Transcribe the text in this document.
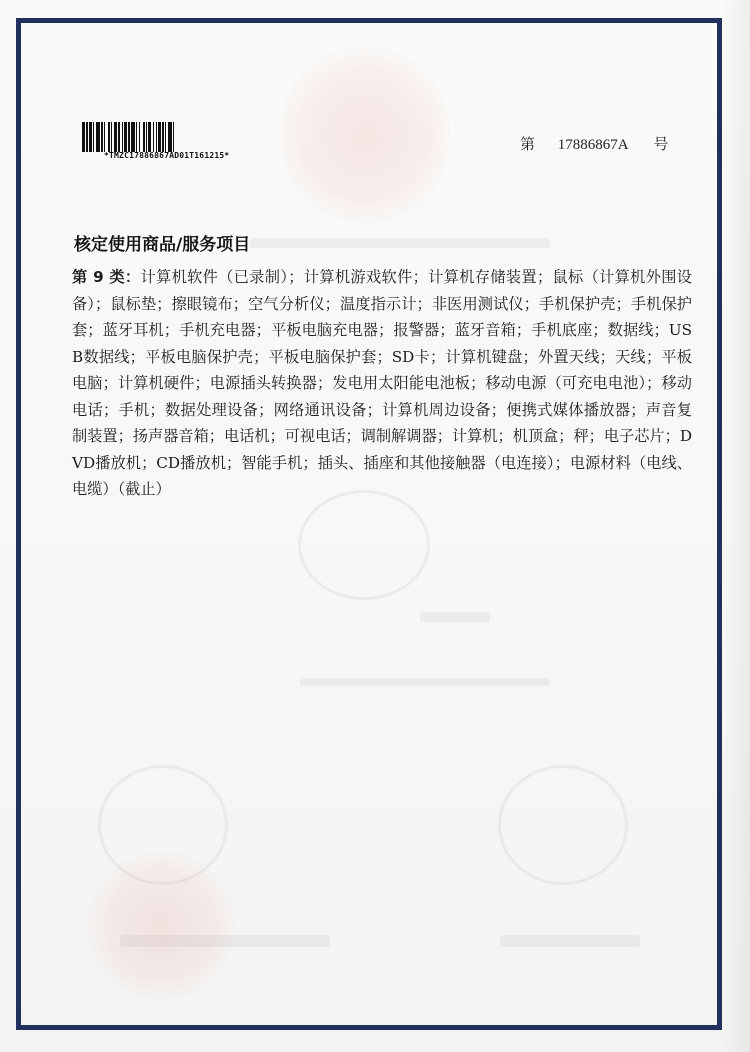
*TMZC17886867AD01T161215*
第 17886867A 号
核定使用商品/服务项目
第 9 类：计算机软件（已录制）；计算机游戏软件；计算机存储装置；鼠标（计算机外围设备）；鼠标垫；擦眼镜布；空气分析仪；温度指示计；非医用测试仪；手机保护壳；手机保护套；蓝牙耳机；手机充电器；平板电脑充电器；报警器；蓝牙音箱；手机底座；数据线；USB数据线；平板电脑保护壳；平板电脑保护套；SD卡；计算机键盘；外置天线；天线；平板电脑；计算机硬件；电源插头转换器；发电用太阳能电池板；移动电源（可充电电池）；移动电话；手机；数据处理设备；网络通讯设备；计算机周边设备；便携式媒体播放器；声音复制装置；扬声器音箱；电话机；可视电话；调制解调器；计算机；机顶盒；秤；电子芯片；DVD播放机；CD播放机；智能手机；插头、插座和其他接触器（电连接）；电源材料（电线、电缆）（截止）
